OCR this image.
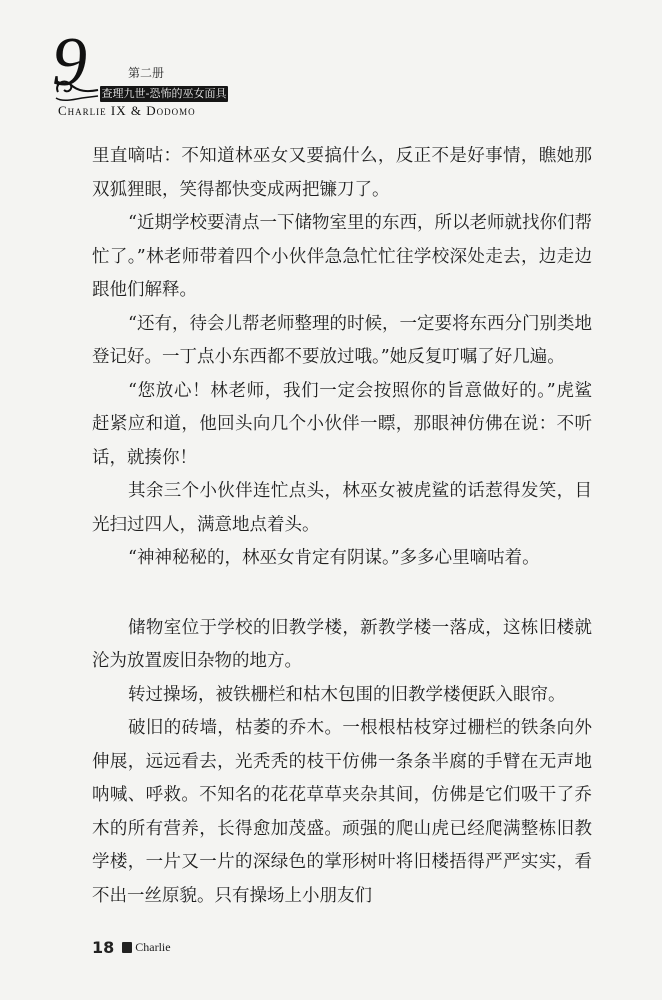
9	第二册
查理九世-恐怖的巫女面具
Charlie IX & Dodomo

里直嘀咕：不知道林巫女又要搞什么，反正不是好事情，瞧她那双狐狸眼，笑得都快变成两把镰刀了。

“近期学校要清点一下储物室里的东西，所以老师就找你们帮忙了。”林老师带着四个小伙伴急急忙忙往学校深处走去，边走边跟他们解释。

“还有，待会儿帮老师整理的时候，一定要将东西分门别类地登记好。一丁点小东西都不要放过哦。”她反复叮嘱了好几遍。

“您放心！林老师，我们一定会按照你的旨意做好的。”虎鲨赶紧应和道，他回头向几个小伙伴一瞟，那眼神仿佛在说：不听话，就揍你！

其余三个小伙伴连忙点头，林巫女被虎鲨的话惹得发笑，目光扫过四人，满意地点着头。

“神神秘秘的，林巫女肯定有阴谋。”多多心里嘀咕着。

储物室位于学校的旧教学楼，新教学楼一落成，这栋旧楼就沦为放置废旧杂物的地方。

转过操场，被铁栅栏和枯木包围的旧教学楼便跃入眼帘。

破旧的砖墙，枯萎的乔木。一根根枯枝穿过栅栏的铁条向外伸展，远远看去，光秃秃的枝干仿佛一条条半腐的手臂在无声地呐喊、呼救。不知名的花花草草夹杂其间，仿佛是它们吸干了乔木的所有营养，长得愈加茂盛。顽强的爬山虎已经爬满整栋旧教学楼，一片又一片的深绿色的掌形树叶将旧楼捂得严严实实，看不出一丝原貌。只有操场上小朋友们

18 Charlie
